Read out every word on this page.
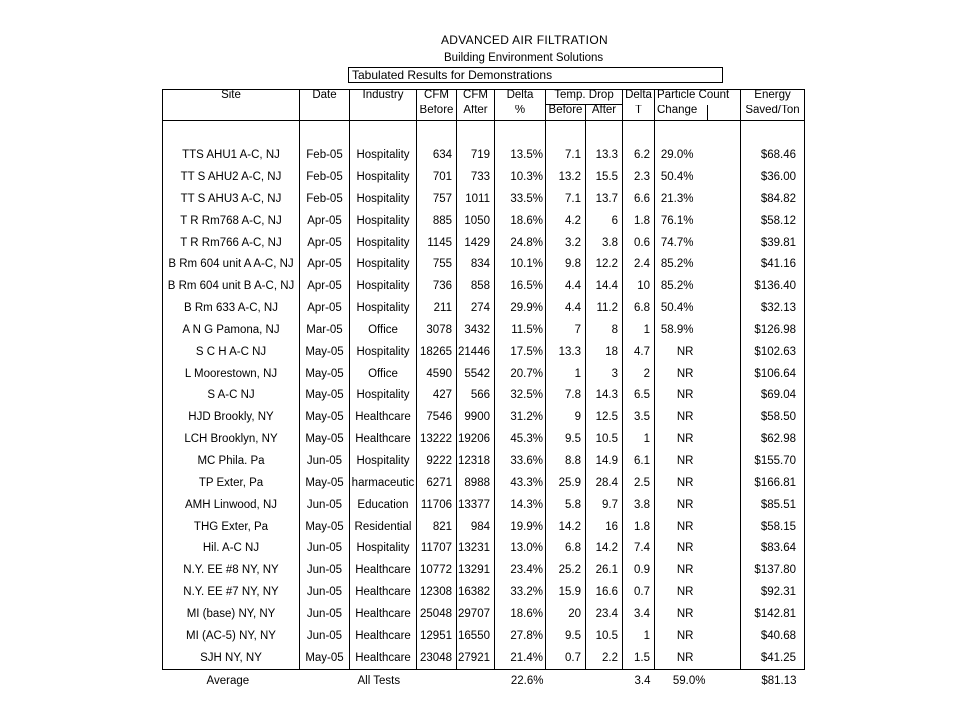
ADVANCED AIR FILTRATION
Building Environment Solutions
Tabulated Results for Demonstrations
Site	Date	Industry	CFM	CFM	Delta	Temp. Drop		Delta	Particle Count		Energy
			Before	After	%	Before	After	T	Change		Saved/Ton

TTS AHU1 A-C, NJ	Feb-05	Hospitality	634	719	13.5%	7.1	13.3	6.2	29.0%		$68.46
TT S AHU2 A-C, NJ	Feb-05	Hospitality	701	733	10.3%	13.2	15.5	2.3	50.4%		$36.00
TT S AHU3 A-C, NJ	Feb-05	Hospitality	757	1011	33.5%	7.1	13.7	6.6	21.3%		$84.82
T R Rm768 A-C, NJ	Apr-05	Hospitality	885	1050	18.6%	4.2	6	1.8	76.1%		$58.12
T R Rm766 A-C, NJ	Apr-05	Hospitality	1145	1429	24.8%	3.2	3.8	0.6	74.7%		$39.81
B Rm 604 unit A A-C, NJ	Apr-05	Hospitality	755	834	10.1%	9.8	12.2	2.4	85.2%		$41.16
B Rm 604 unit B A-C, NJ	Apr-05	Hospitality	736	858	16.5%	4.4	14.4	10	85.2%		$136.40
B Rm 633 A-C, NJ	Apr-05	Hospitality	211	274	29.9%	4.4	11.2	6.8	50.4%		$32.13
A N G Pamona, NJ	Mar-05	Office	3078	3432	11.5%	7	8	1	58.9%		$126.98
S C H A-C NJ	May-05	Hospitality	18265	21446	17.5%	13.3	18	4.7	NR		$102.63
L Moorestown, NJ	May-05	Office	4590	5542	20.7%	1	3	2	NR		$106.64
S A-C NJ	May-05	Hospitality	427	566	32.5%	7.8	14.3	6.5	NR		$69.04
HJD Brookly, NY	May-05	Healthcare	7546	9900	31.2%	9	12.5	3.5	NR		$58.50
LCH Brooklyn, NY	May-05	Healthcare	13222	19206	45.3%	9.5	10.5	1	NR		$62.98
MC Phila. Pa	Jun-05	Hospitality	9222	12318	33.6%	8.8	14.9	6.1	NR		$155.70
TP Exter, Pa	May-05	harmaceutic	6271	8988	43.3%	25.9	28.4	2.5	NR		$166.81
AMH Linwood, NJ	Jun-05	Education	11706	13377	14.3%	5.8	9.7	3.8	NR		$85.51
THG Exter, Pa	May-05	Residential	821	984	19.9%	14.2	16	1.8	NR		$58.15
Hil. A-C NJ	Jun-05	Hospitality	11707	13231	13.0%	6.8	14.2	7.4	NR		$83.64
N.Y. EE #8 NY, NY	Jun-05	Healthcare	10772	13291	23.4%	25.2	26.1	0.9	NR		$137.80
N.Y. EE #7 NY, NY	Jun-05	Healthcare	12308	16382	33.2%	15.9	16.6	0.7	NR		$92.31
MI (base) NY, NY	Jun-05	Healthcare	25048	29707	18.6%	20	23.4	3.4	NR		$142.81
MI (AC-5) NY, NY	Jun-05	Healthcare	12951	16550	27.8%	9.5	10.5	1	NR		$40.68
SJH NY, NY	May-05	Healthcare	23048	27921	21.4%	0.7	2.2	1.5	NR		$41.25
Average		All Tests			22.6%			3.4	59.0%		$81.13
